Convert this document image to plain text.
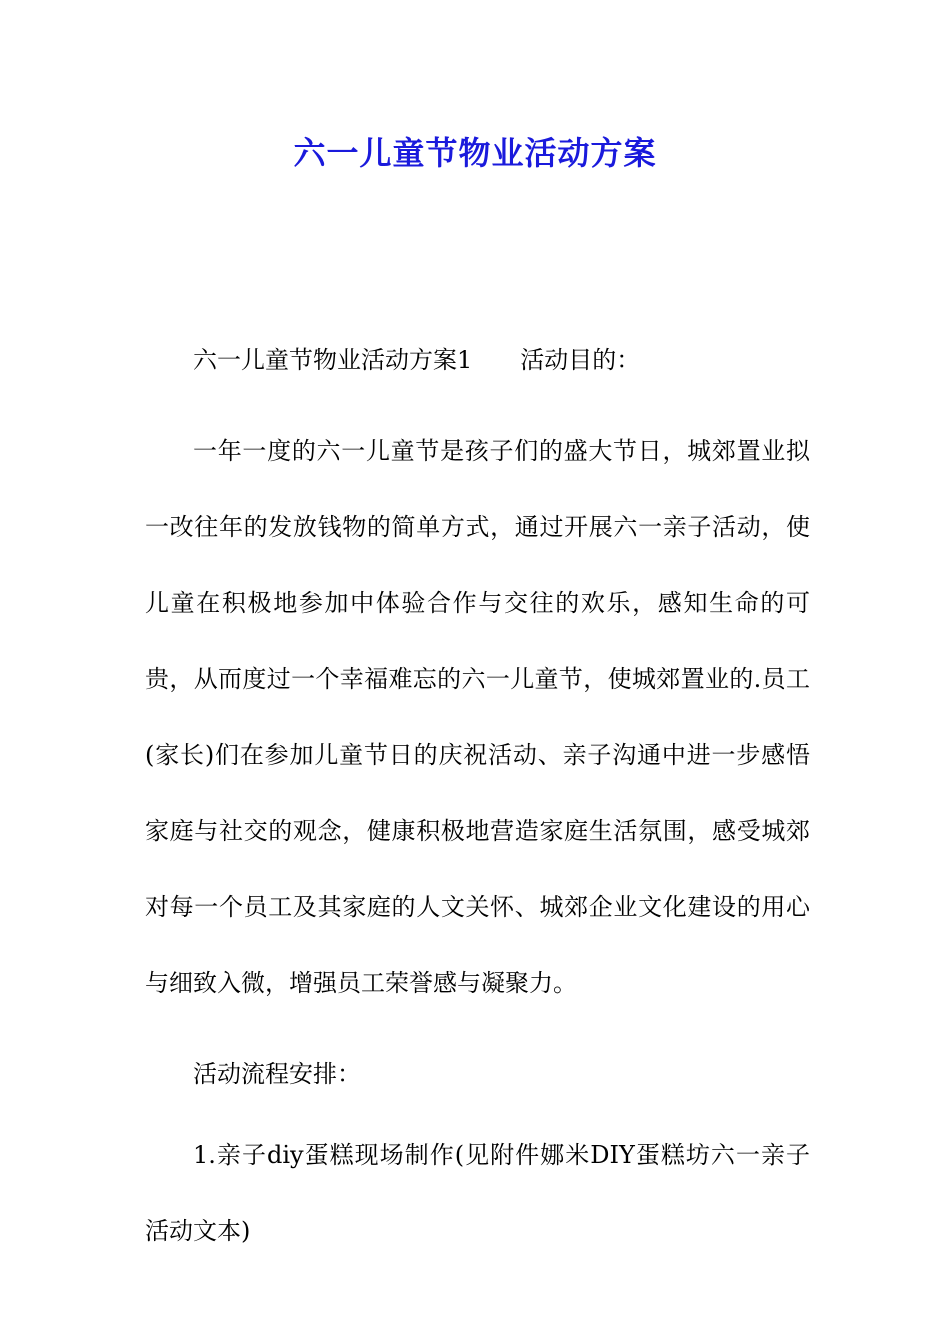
六一儿童节物业活动方案

六一儿童节物业活动方案1 活动目的：

一年一度的六一儿童节是孩子们的盛大节日，城郊置业拟一改往年的发放钱物的简单方式，通过开展六一亲子活动，使儿童在积极地参加中体验合作与交往的欢乐，感知生命的可贵，从而度过一个幸福难忘的六一儿童节，使城郊置业的.员工(家长)们在参加儿童节日的庆祝活动、亲子沟通中进一步感悟家庭与社交的观念，健康积极地营造家庭生活氛围，感受城郊对每一个员工及其家庭的人文关怀、城郊企业文化建设的用心与细致入微，增强员工荣誉感与凝聚力。

活动流程安排：

1.亲子diy蛋糕现场制作(见附件娜米DIY蛋糕坊六一亲子活动文本)
